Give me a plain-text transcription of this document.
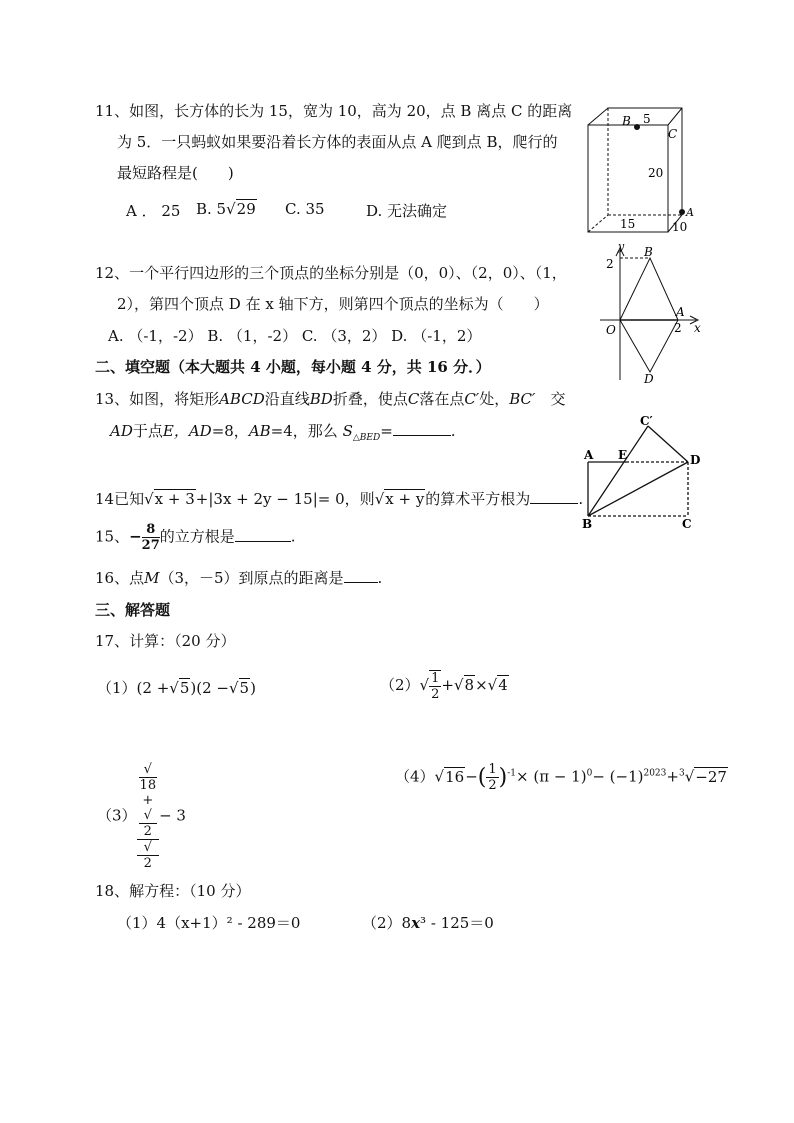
11、如图，长方体的长为 15，宽为 10，高为 20，点 B 离点 C 的距离
为 5．一只蚂蚁如果要沿着长方体的表面从点 A 爬到点 B，爬行的
最短路程是(　　)
A ． 25 B. 5√29 C. 35	D. 无法确定
B 5
C
20
15
A
10
12、一个平行四边形的三个顶点的坐标分别是（0，0）、（2，0）、（1，
2），第四个顶点 D 在 x 轴下方，则第四个顶点的坐标为（　　）
A. （-1，-2） B. （1，-2） C. （3，2） D. （-1，2）
y
2
B
A
O	2 x
D
二、填空题（本大题共 4 小题，每小题 4 分，共 16 分．）
13、如图，将矩形ABCD沿直线BD折叠，使点C落在点C′处，BC′　 交
AD于点E，AD=8，AB=4，那么 $S_{\triangle BED}=$	.
C′
A E	D
B	C
14已知√x + 3+|3x + 2y − 15|= 0，则√x + y的算术平方根为	.
15、− $\frac{8}{27}$ 的立方根是	.
16、点M（3，－5）到原点的距离是 .
三、解答题
17、计算：（20 分）
（1）(2 +√5)(2 −√5)	$(2)√ \frac{1}{2} +√8\times√4$
（3） √
18
+
√
2
√
2 − 3
$(4)√16-( \frac{1}{2} )^{-1}\times (\pi - 1)^0- (-1)^{2023}+^3√-27$
18、解方程：（10 分）
（1）4（x+1）² - 289＝0	（2）8x³ - 125＝0
